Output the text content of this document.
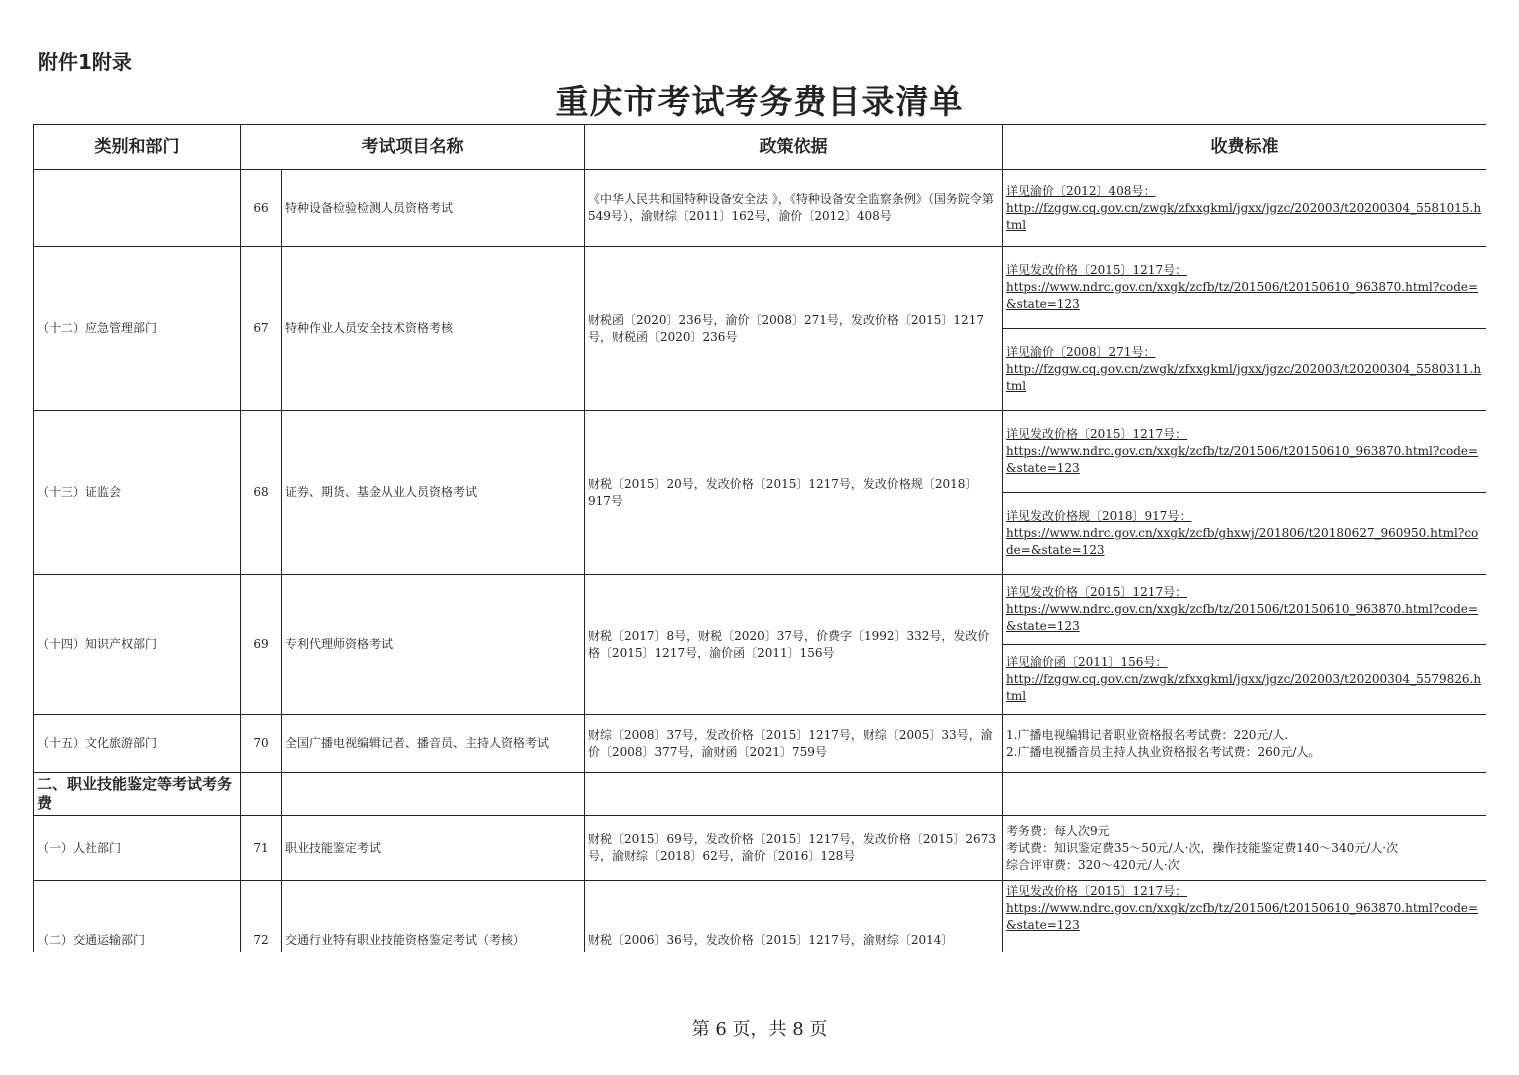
附件1附录
重庆市考试考务费目录清单
类别和部门	考试项目名称		政策依据	收费标准
	66	特种设备检验检测人员资格考试	《中华人民共和国特种设备安全法 》，《特种设备安全监察条例》（国务院令第549号），渝财综〔2011〕162号，渝价〔2012〕408号	详见渝价〔2012〕408号：
http://fzggw.cq.gov.cn/zwgk/zfxxgkml/jgxx/jgzc/202003/t20200304_5581015.html

（十二）应急管理部门	67	特种作业人员安全技术资格考核	财税函〔2020〕236号，渝价〔2008〕271号，发改价格〔2015〕1217号，财税函〔2020〕236号	详见发改价格〔2015〕1217号：
https://www.ndrc.gov.cn/xxgk/zcfb/tz/201506/t20150610_963870.html?code=&state=123

				详见渝价〔2008〕271号：
http://fzggw.cq.gov.cn/zwgk/zfxxgkml/jgxx/jgzc/202003/t20200304_5580311.html

（十三）证监会	68	证券、期货、基金从业人员资格考试	财税〔2015〕20号，发改价格〔2015〕1217号，发改价格规〔2018〕917号	详见发改价格〔2015〕1217号：
https://www.ndrc.gov.cn/xxgk/zcfb/tz/201506/t20150610_963870.html?code=&state=123

				详见发改价格规〔2018〕917号：
https://www.ndrc.gov.cn/xxgk/zcfb/ghxwj/201806/t20180627_960950.html?code=&state=123

（十四）知识产权部门	69	专利代理师资格考试	财税〔2017〕8号，财税〔2020〕37号，价费字〔1992〕332号，发改价格〔2015〕1217号，渝价函〔2011〕156号	详见发改价格〔2015〕1217号：
https://www.ndrc.gov.cn/xxgk/zcfb/tz/201506/t20150610_963870.html?code=&state=123

				详见渝价函〔2011〕156号：
http://fzggw.cq.gov.cn/zwgk/zfxxgkml/jgxx/jgzc/202003/t20200304_5579826.html

（十五）文化旅游部门	70	全国广播电视编辑记者、播音员、主持人资格考试	财综〔2008〕37号，发改价格〔2015〕1217号，财综〔2005〕33号，渝价〔2008〕377号，渝财函〔2021〕759号	1.广播电视编辑记者职业资格报名考试费：220元/人.
2.广播电视播音员主持人执业资格报名考试费：260元/人。
二、职业技能鉴定等考试考务费				
（一）人社部门	71	职业技能鉴定考试	财税〔2015〕69号，发改价格〔2015〕1217号，发改价格〔2015〕2673号，渝财综〔2018〕62号，渝价〔2016〕128号	考务费：每人次9元
考试费：知识鉴定费35～50元/人·次，操作技能鉴定费140～340元/人·次
综合评审费：320～420元/人·次
（二）交通运输部门	72	交通行业特有职业技能资格鉴定考试（考核）	财税〔2006〕36号，发改价格〔2015〕1217号，渝财综〔2014〕	详见发改价格〔2015〕1217号：
https://www.ndrc.gov.cn/xxgk/zcfb/tz/201506/t20150610_963870.html?code=&state=123
第 6 页，共 8 页
